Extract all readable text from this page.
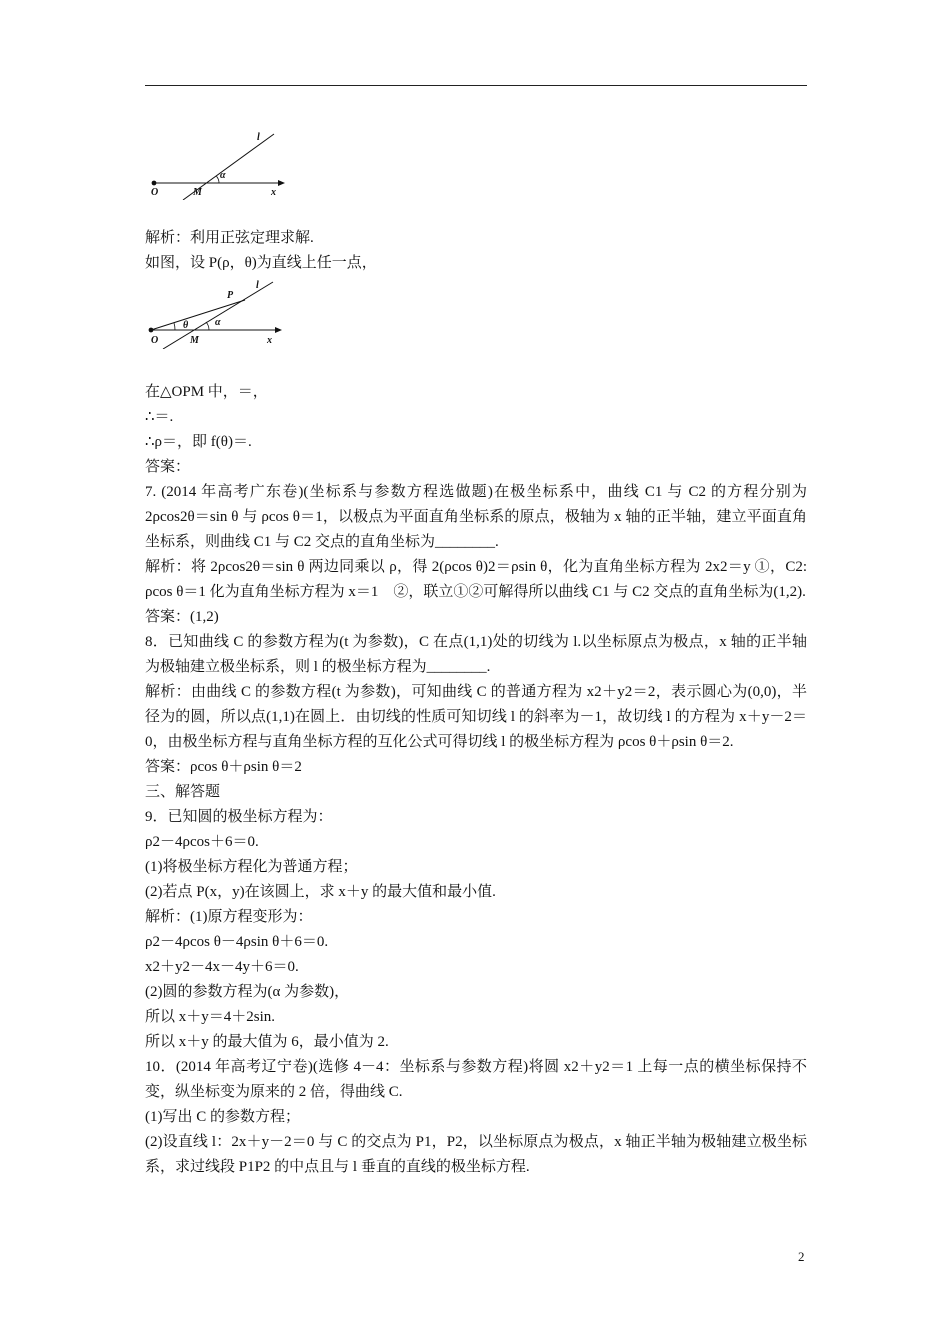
l
α
O	M	x
l
P
θ	α
O	M	x

解析：利用正弦定理求解.

如图，设 P(ρ，θ)为直线上任一点，

在△OPM 中，＝，

∴＝.

∴ρ＝，即 f(θ)＝.

答案：

7. (2014 年高考广东卷)(坐标系与参数方程选做题)在极坐标系中，曲线 C1 与 C2 的方程分别为 2ρcos2θ＝sin θ 与 ρcos θ＝1，以极点为平面直角坐标系的原点，极轴为 x 轴的正半轴，建立平面直角坐标系，则曲线 C1 与 C2 交点的直角坐标为________.

解析：将 2ρcos2θ＝sin θ 两边同乘以 ρ，得 2(ρcos θ)2＝ρsin θ，化为直角坐标方程为 2x2＝y ①，C2: ρcos θ＝1 化为直角坐标方程为 x＝1　②，联立①②可解得所以曲线 C1 与 C2 交点的直角坐标为(1,2).

答案：(1,2)

8．已知曲线 C 的参数方程为(t 为参数)，C 在点(1,1)处的切线为 l.以坐标原点为极点，x 轴的正半轴为极轴建立极坐标系，则 l 的极坐标方程为________.

解析：由曲线 C 的参数方程(t 为参数)，可知曲线 C 的普通方程为 x2＋y2＝2，表示圆心为(0,0)，半径为的圆，所以点(1,1)在圆上．由切线的性质可知切线 l 的斜率为－1，故切线 l 的方程为 x＋y－2＝0，由极坐标方程与直角坐标方程的互化公式可得切线 l 的极坐标方程为 ρcos θ＋ρsin θ＝2.

答案：ρcos θ＋ρsin θ＝2

三、解答题

9．已知圆的极坐标方程为：

ρ2－4ρcos＋6＝0.

(1)将极坐标方程化为普通方程；

(2)若点 P(x，y)在该圆上，求 x＋y 的最大值和最小值.

解析：(1)原方程变形为：

ρ2－4ρcos θ－4ρsin θ＋6＝0.

x2＋y2－4x－4y＋6＝0.

(2)圆的参数方程为(α 为参数)，

所以 x＋y＝4＋2sin.

所以 x＋y 的最大值为 6，最小值为 2.

10．(2014 年高考辽宁卷)(选修 4－4：坐标系与参数方程)将圆 x2＋y2＝1 上每一点的横坐标保持不变，纵坐标变为原来的 2 倍，得曲线 C.

(1)写出 C 的参数方程；

(2)设直线 l：2x＋y－2＝0 与 C 的交点为 P1，P2，以坐标原点为极点，x 轴正半轴为极轴建立极坐标系，求过线段 P1P2 的中点且与 l 垂直的直线的极坐标方程.

2
